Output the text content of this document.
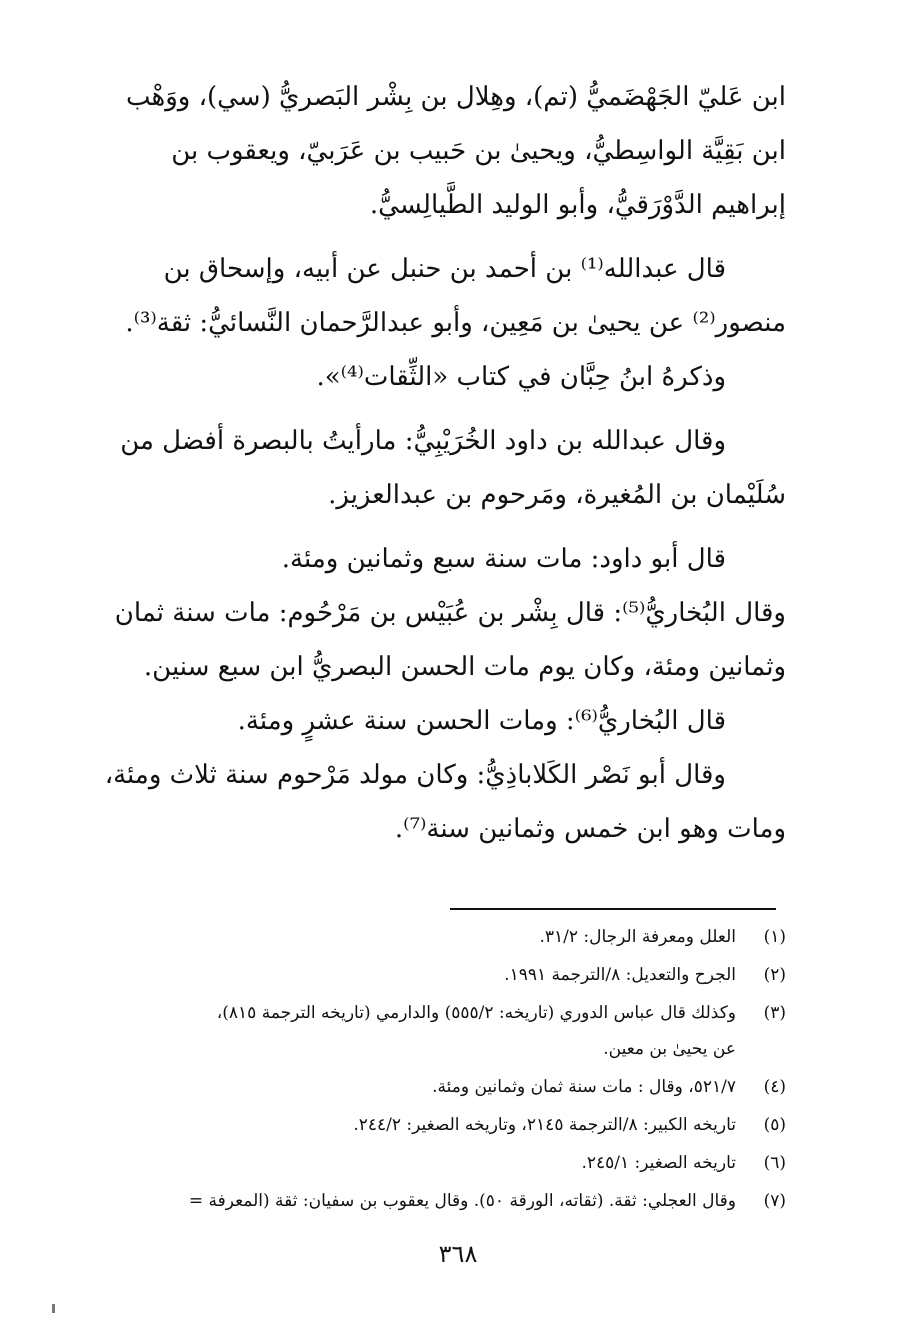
ابن عَليّ الجَهْضَميُّ (تم)، وهِلال بن بِشْر البَصريُّ (سي)، ووَهْب
ابن بَقِيَّة الواسِطيُّ، ويحيىٰ بن حَبيب بن عَرَبيّ، ويعقوب بن
إبراهيم الدَّوْرَقيُّ، وأبو الوليد الطَّيالِسيُّ.
قال عبدالله⁽¹⁾ بن أحمد بن حنبل عن أبيه، وإسحاق بن
منصور⁽²⁾ عن يحيىٰ بن مَعِين، وأبو عبدالرَّحمان النَّسائيُّ: ثقة⁽³⁾.
وذكرهُ ابنُ حِبَّان في كتاب «الثِّقات⁽⁴⁾».
وقال عبدالله بن داود الخُرَيْبِيُّ: مارأيتُ بالبصرة أفضل من
سُلَيْمان بن المُغيرة، ومَرحوم بن عبدالعزيز.
قال أبو داود: مات سنة سبع وثمانين ومئة.
وقال البُخاريُّ⁽⁵⁾: قال بِشْر بن عُبَيْس بن مَرْحُوم: مات سنة ثمان
وثمانين ومئة، وكان يوم مات الحسن البصريُّ ابن سبع سنين.
قال البُخاريُّ⁽⁶⁾: ومات الحسن سنة عشرٍ ومئة.
وقال أبو نَصْر الكَلاباذِيُّ: وكان مولد مَرْحوم سنة ثلاث ومئة،
ومات وهو ابن خمس وثمانين سنة⁽⁷⁾.
(١)
العلل ومعرفة الرجال: ٣١/٢.
(٢)
الجرح والتعديل: ٨/الترجمة ١٩٩١.
(٣)
وكذلك قال عباس الدوري (تاريخه: ٥٥٥/٢) والدارمي (تاريخه الترجمة ٨١٥)،
عن يحيىٰ بن معين.
(٤)
٥٢١/٧، وقال : مات سنة ثمان وثمانين ومئة.
(٥)
تاريخه الكبير: ٨/الترجمة ٢١٤٥، وتاريخه الصغير: ٢٤٤/٢.
(٦)
تاريخه الصغير: ٢٤٥/١.
(٧)
وقال العجلي: ثقة. (ثقاته، الورقة ٥٠). وقال يعقوب بن سفيان: ثقة (المعرفة =
٣٦٨
